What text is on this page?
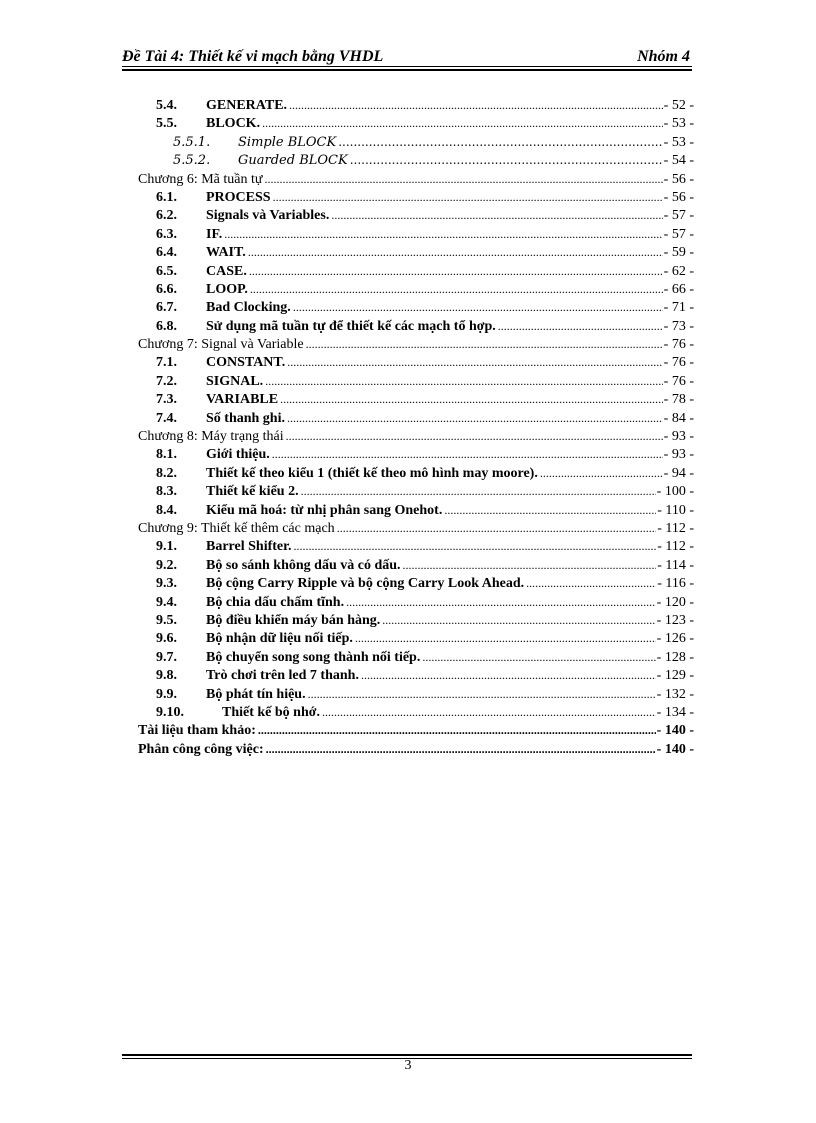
Đề Tài 4: Thiết kế vi mạch bằng VHDL	Nhóm 4
5.4.	GENERATE. .....	- 52 -
5.5.	BLOCK. .....	- 53 -
5.5.1.	Simple BLOCK .....	- 53 -
5.5.2.	Guarded BLOCK .....	- 54 -
Chương 6: Mã tuần tự .....	- 56 -
6.1.	PROCESS .....	- 56 -
6.2.	Signals và Variables. .....	- 57 -
6.3.	IF. .....	- 57 -
6.4.	WAIT. .....	- 59 -
6.5.	CASE. .....	- 62 -
6.6.	LOOP. .....	- 66 -
6.7.	Bad Clocking. .....	- 71 -
6.8.	Sử dụng mã tuần tự để thiết kế các mạch tổ hợp. .....	- 73 -
Chương 7: Signal và Variable .....	- 76 -
7.1.	CONSTANT. .....	- 76 -
7.2.	SIGNAL. .....	- 76 -
7.3.	VARIABLE .....	- 78 -
7.4.	Số thanh ghi. .....	- 84 -
Chương 8: Máy trạng thái .....	- 93 -
8.1.	Giới thiệu. .....	- 93 -
8.2.	Thiết kế theo kiểu 1 (thiết kế theo mô hình may moore). .....	- 94 -
8.3.	Thiết kế kiểu 2. .....	- 100 -
8.4.	Kiểu mã hoá: từ nhị phân sang Onehot. .....	- 110 -
Chương 9: Thiết kế thêm các mạch .....	- 112 -
9.1.	Barrel Shifter. .....	- 112 -
9.2.	Bộ so sánh không dấu và có dấu. .....	- 114 -
9.3.	Bộ cộng Carry Ripple và bộ cộng Carry Look Ahead. .....	- 116 -
9.4.	Bộ chia dấu chấm tĩnh. .....	- 120 -
9.5.	Bộ điều khiển máy bán hàng. .....	- 123 -
9.6.	Bộ nhận dữ liệu nối tiếp. .....	- 126 -
9.7.	Bộ chuyển song song thành nối tiếp. .....	- 128 -
9.8.	Trò chơi trên led 7 thanh. .....	- 129 -
9.9.	Bộ phát tín hiệu. .....	- 132 -
9.10.	Thiết kế bộ nhớ. .....	- 134 -
Tài liệu tham khảo: .....	- 140 -
Phân công công việc: .....	- 140 -
3
